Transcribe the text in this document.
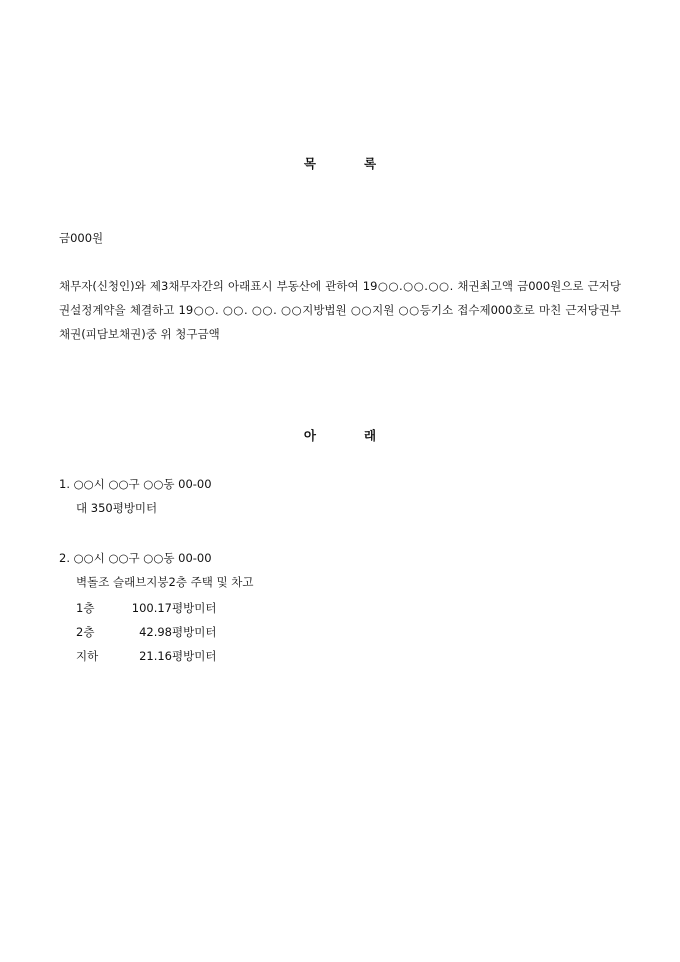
목	록
금000원
채무자(신청인)와 제3채무자간의 아래표시 부동산에 관하여 19○○.○○.○○. 채권최고액 금000원으로 근저당권설정계약을 체결하고 19○○. ○○. ○○. ○○지방법원 ○○지원 ○○등기소 접수제000호로 마친 근저당권부 채권(피담보채권)중 위 청구금액
아	래
1. ○○시 ○○구 ○○동 00-00
대 350평방미터
2. ○○시 ○○구 ○○동 00-00
벽돌조 슬래브지붕2층 주택 및 차고
1층	100.17 평방미터
2층	42.98 평방미터
지하	21.16 평방미터
